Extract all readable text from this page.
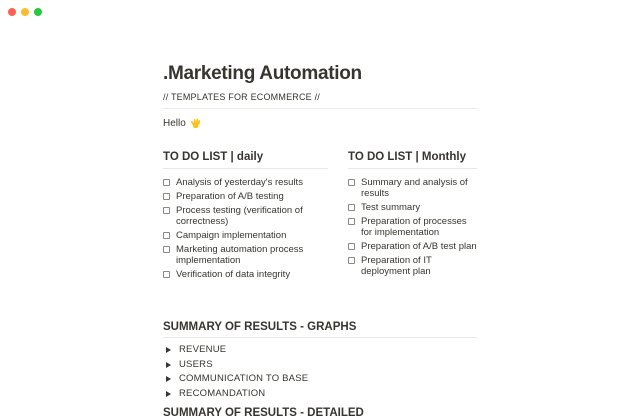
.Marketing Automation
// TEMPLATES FOR ECOMMERCE //
Hello
TO DO LIST | daily
Analysis of yesterday's results
Preparation of A/B testing
Process testing (verification of correctness)
Campaign implementation
Marketing automation process implementation
Verification of data integrity
TO DO LIST | Monthly
Summary and analysis of results
Test summary
Preparation of processes for implementation
Preparation of A/B test plan
Preparation of IT deployment plan
SUMMARY OF RESULTS - GRAPHS
REVENUE
USERS
COMMUNICATION TO BASE
RECOMANDATION
SUMMARY OF RESULTS - DETAILED
